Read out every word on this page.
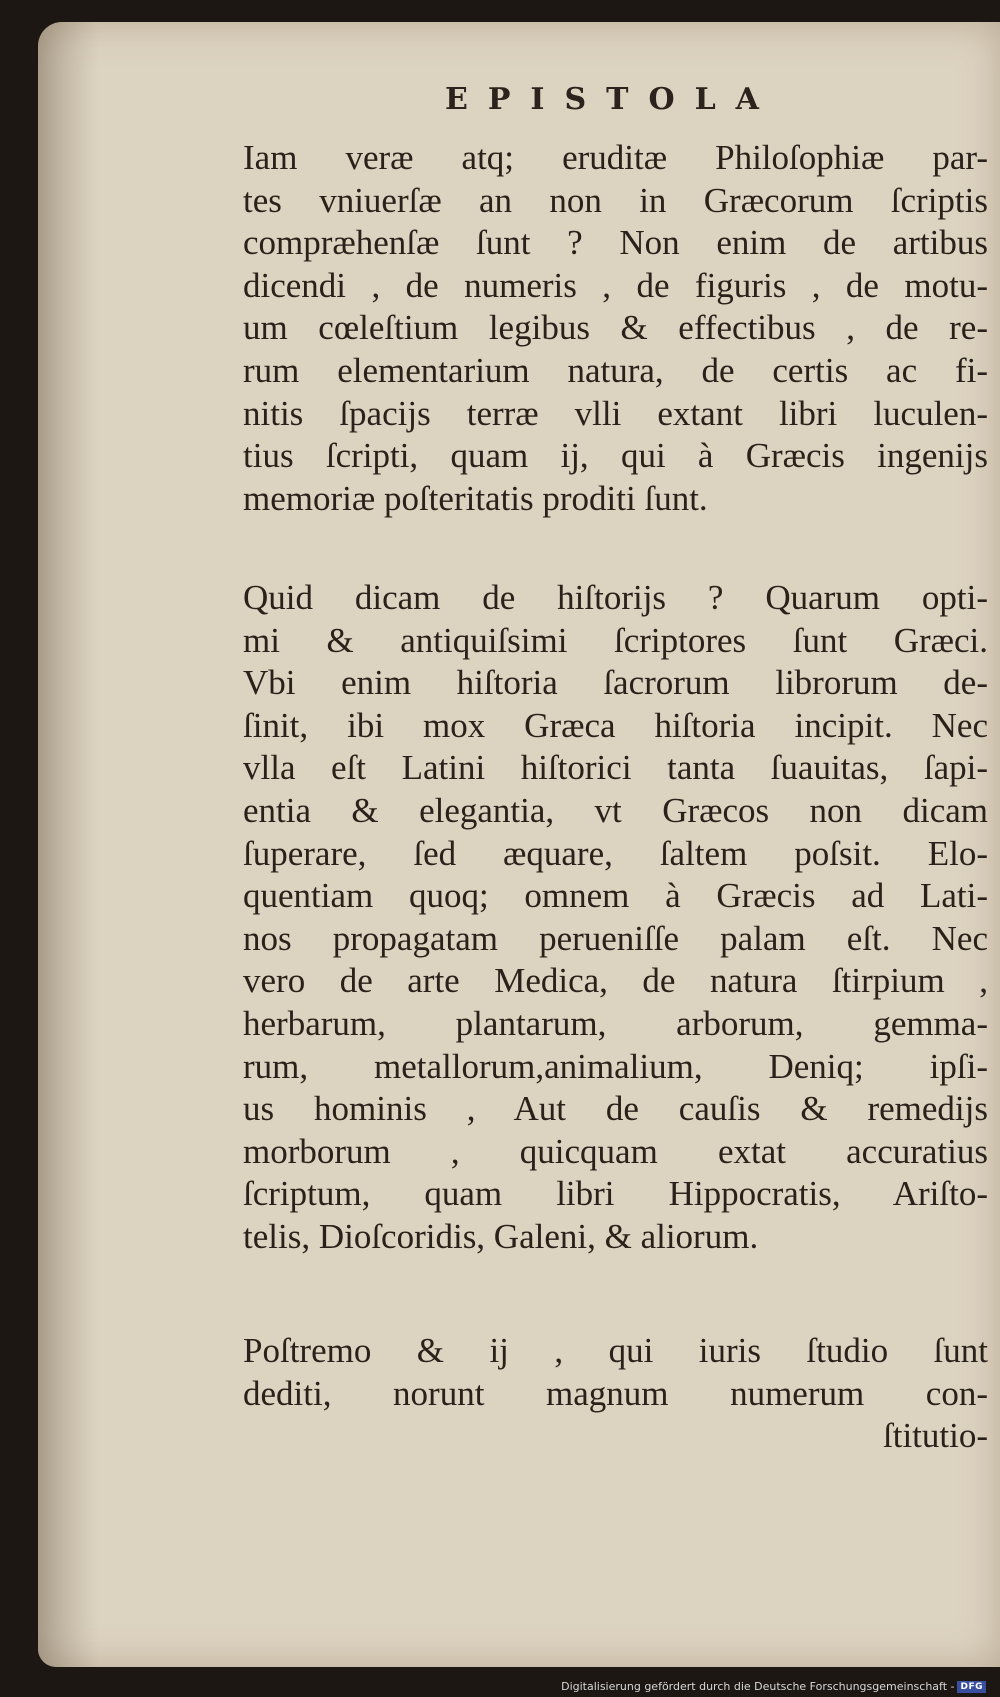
EPISTOLA
Iam veræ atq; eruditæ Philoſophiæ par-
tes vniuerſæ an non in Græcorum ſcriptis
compræhenſæ ſunt ? Non enim de artibus
dicendi , de numeris , de figuris , de motu-
um cœleſtium legibus & effectibus , de re-
rum elementarium natura, de certis ac fi-
nitis ſpacijs terræ vlli extant libri luculen-
tius ſcripti, quam ij, qui à Græcis ingenijs
memoriæ poſteritatis proditi ſunt.
Quid dicam de hiſtorijs ? Quarum opti-
mi & antiquiſsimi ſcriptores ſunt Græci.
Vbi enim hiſtoria ſacrorum librorum de-
ſinit, ibi mox Græca hiſtoria incipit. Nec
vlla eſt Latini hiſtorici tanta ſuauitas, ſapi-
entia & elegantia, vt Græcos non dicam
ſuperare, ſed æquare, ſaltem poſsit. Elo-
quentiam quoq; omnem à Græcis ad Lati-
nos propagatam perueniſſe palam eſt. Nec
vero de arte Medica, de natura ſtirpium ,
herbarum, plantarum, arborum, gemma-
rum, metallorum,animalium, Deniq; ipſi-
us hominis , Aut de cauſis & remedijs
morborum , quicquam extat accuratius
ſcriptum, quam libri Hippocratis, Ariſto-
telis, Dioſcoridis, Galeni, & aliorum.
Poſtremo & ij , qui iuris ſtudio ſunt
dediti, norunt magnum numerum con-
ſtitutio-
Digitalisierung gefördert durch die Deutsche Forschungsgemeinschaft - DFG
